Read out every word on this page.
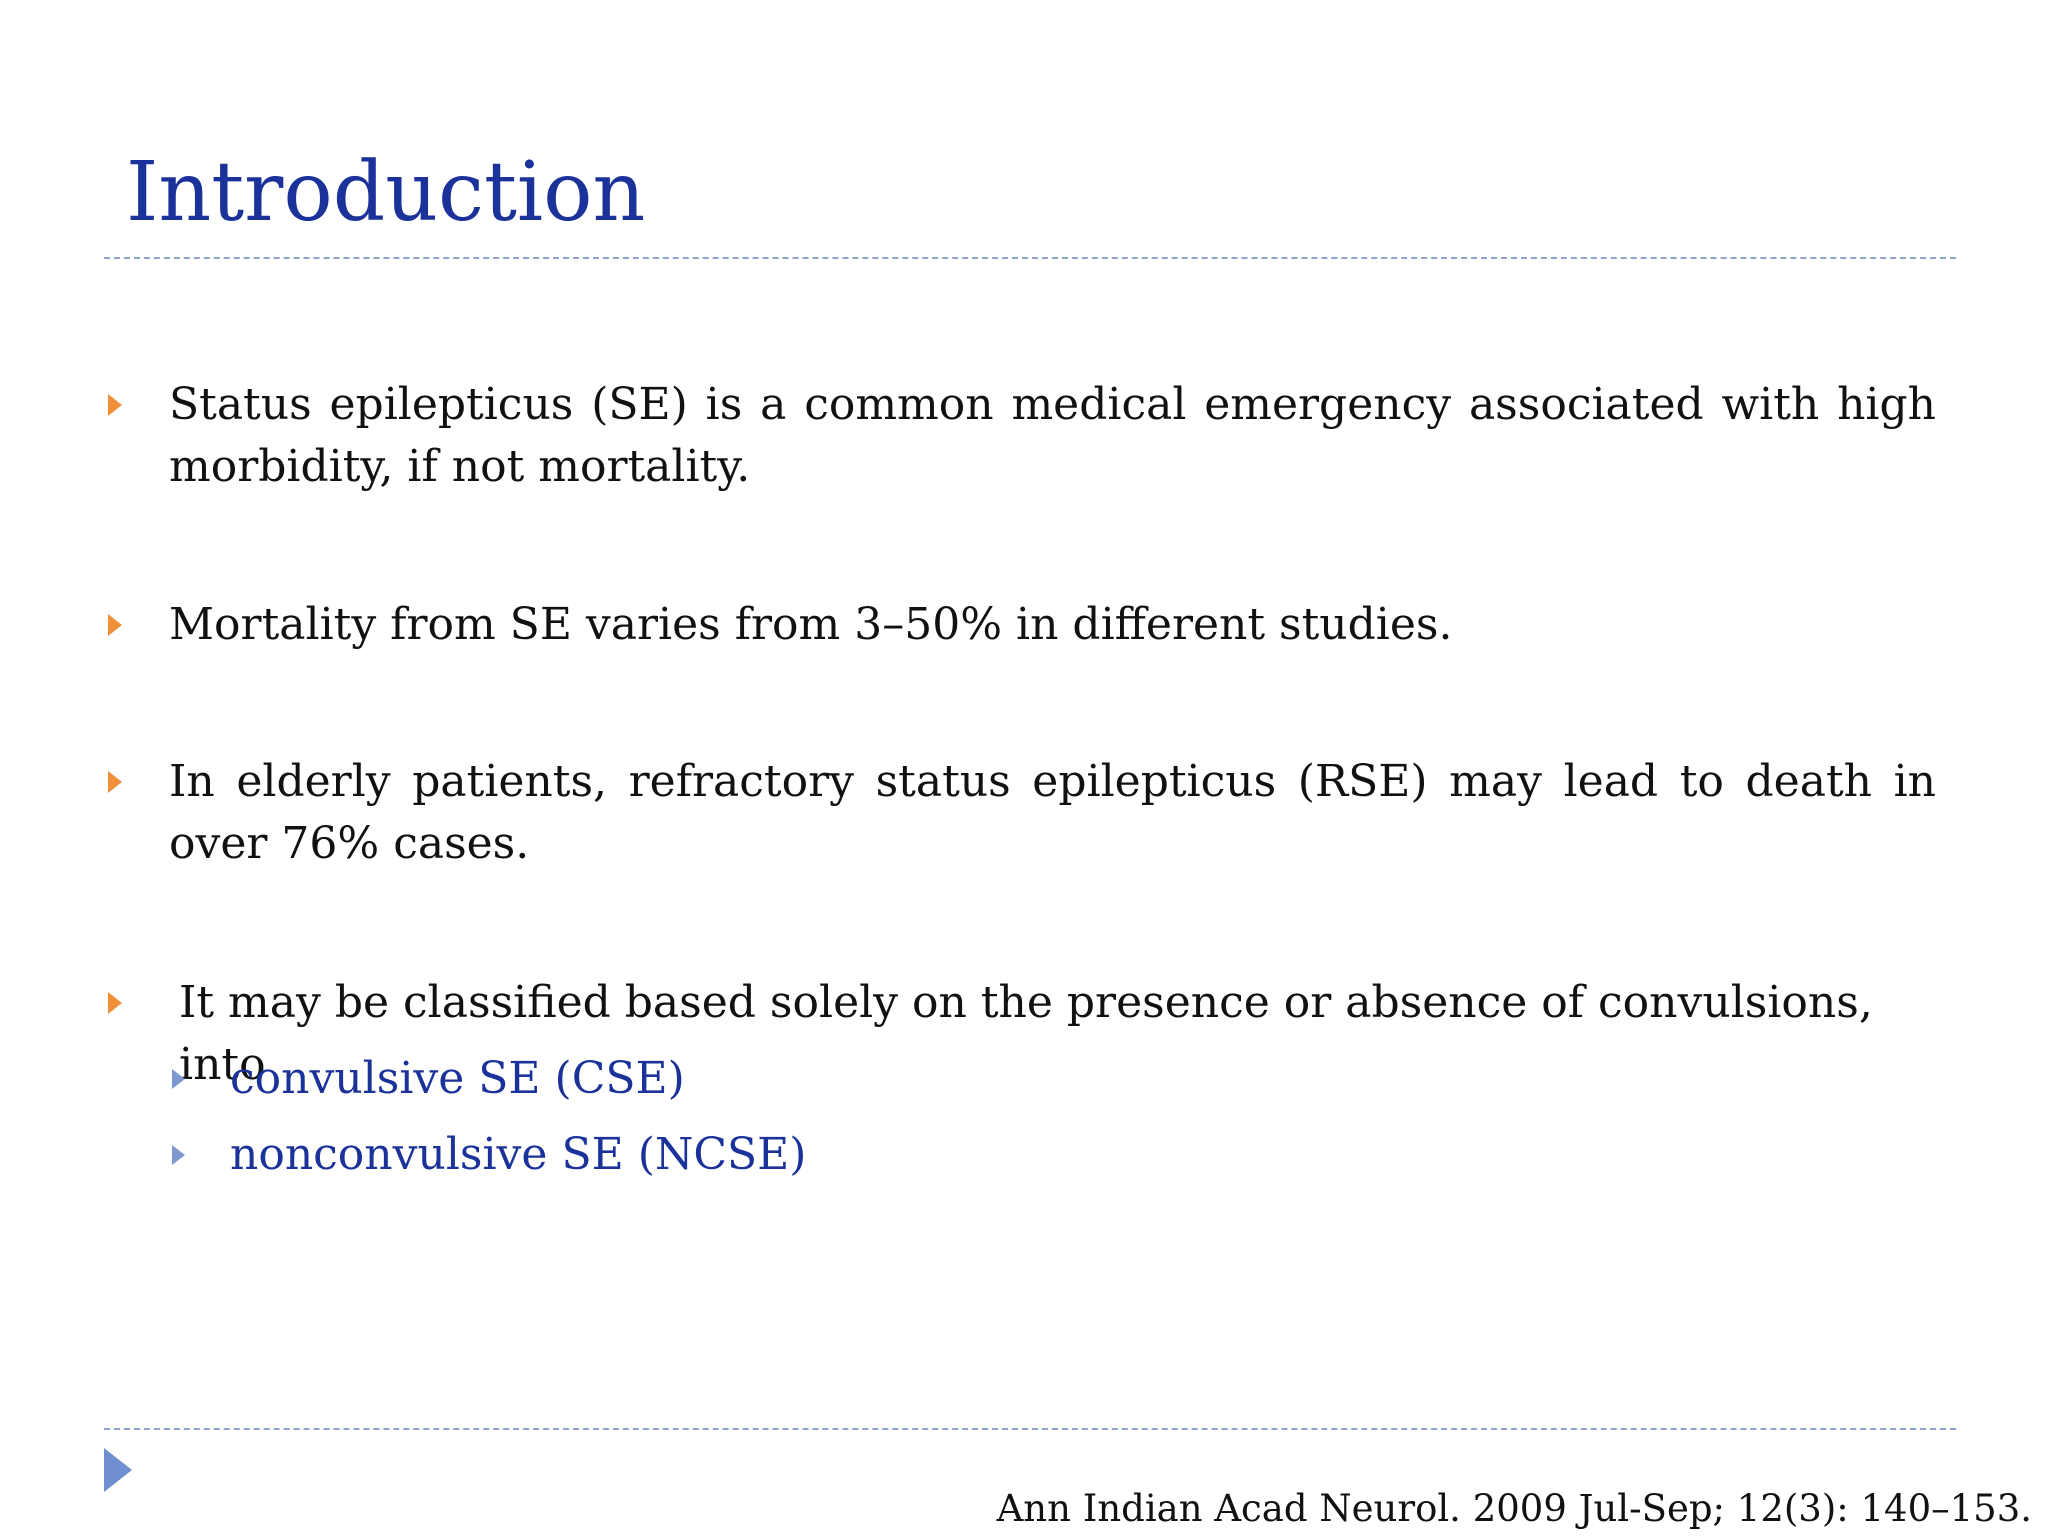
Introduction
Status epilepticus (SE) is a common medical emergency associated with high morbidity, if not mortality.
Mortality from SE varies from 3–50% in different studies.
In elderly patients, refractory status epilepticus (RSE) may lead to death in over 76% cases.
It may be classified based solely on the presence or absence of convulsions, into
convulsive SE (CSE)
nonconvulsive SE (NCSE)
Ann Indian Acad Neurol. 2009 Jul-Sep; 12(3): 140–153.
